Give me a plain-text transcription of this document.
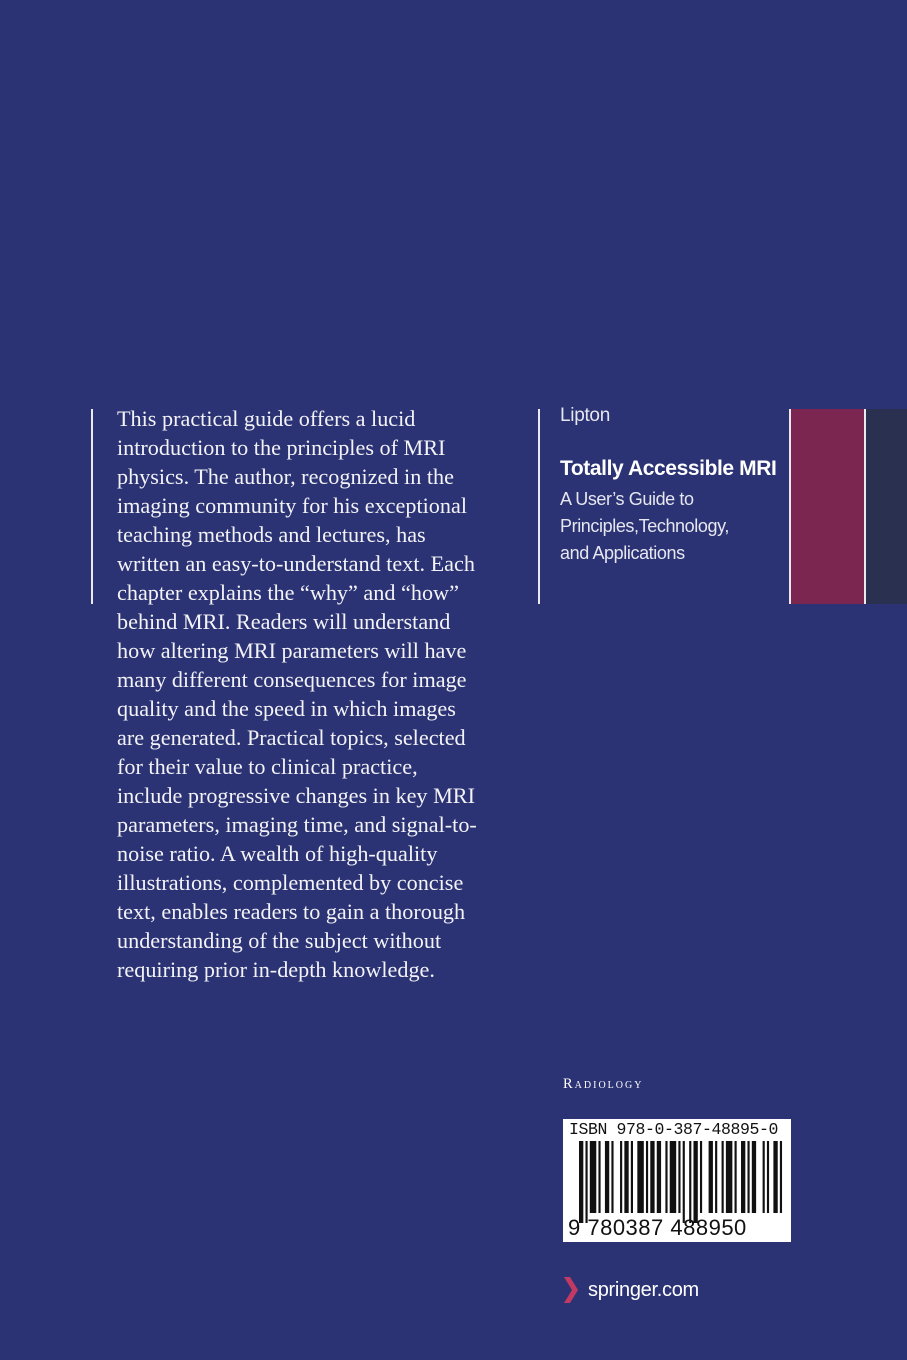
This practical guide offers a lucid
introduction to the principles of MRI
physics. The author, recognized in the
imaging community for his exceptional
teaching methods and lectures, has
written an easy-to-understand text. Each
chapter explains the “why” and “how”
behind MRI. Readers will understand
how altering MRI parameters will have
many different consequences for image
quality and the speed in which images
are generated. Practical topics, selected
for their value to clinical practice,
include progressive changes in key MRI
parameters, imaging time, and signal-to-
noise ratio. A wealth of high-quality
illustrations, complemented by concise
text, enables readers to gain a thorough
understanding of the subject without
requiring prior in-depth knowledge.

Lipton
Totally Accessible MRI
A User’s Guide to
Principles,Technology,
and Applications
Radiology
ISBN 978-0-387-48895-0
9 780387 488950
springer.com
